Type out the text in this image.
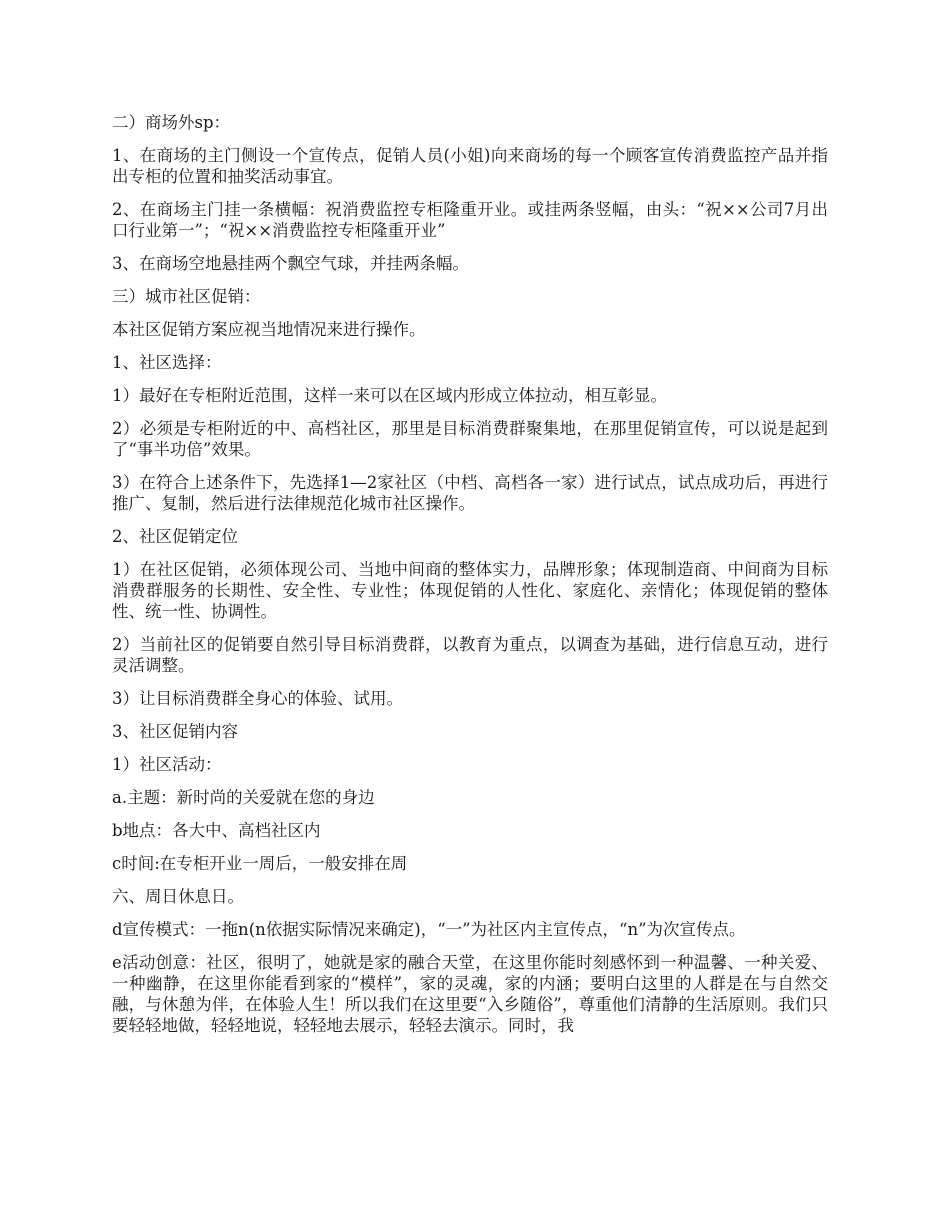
二）商场外sp：

1、在商场的主门侧设一个宣传点，促销人员(小姐)向来商场的每一个顾客宣传消费监控产品并指出专柜的位置和抽奖活动事宜。

2、在商场主门挂一条横幅：祝消费监控专柜隆重开业。或挂两条竖幅，由头：“祝××公司7月出口行业第一”；“祝××消费监控专柜隆重开业”

3、在商场空地悬挂两个飘空气球，并挂两条幅。

三）城市社区促销：

本社区促销方案应视当地情况来进行操作。

1、社区选择：

1）最好在专柜附近范围，这样一来可以在区域内形成立体拉动，相互彰显。

2）必须是专柜附近的中、高档社区，那里是目标消费群聚集地，在那里促销宣传，可以说是起到了“事半功倍”效果。

3）在符合上述条件下，先选择1—2家社区（中档、高档各一家）进行试点，试点成功后，再进行推广、复制，然后进行法律规范化城市社区操作。

2、社区促销定位

1）在社区促销，必须体现公司、当地中间商的整体实力，品牌形象；体现制造商、中间商为目标消费群服务的长期性、安全性、专业性；体现促销的人性化、家庭化、亲情化；体现促销的整体性、统一性、协调性。

2）当前社区的促销要自然引导目标消费群，以教育为重点，以调查为基础，进行信息互动，进行灵活调整。

3）让目标消费群全身心的体验、试用。

3、社区促销内容

1）社区活动：

a.主题：新时尚的关爱就在您的身边

b地点：各大中、高档社区内

c时间:在专柜开业一周后，一般安排在周

六、周日休息日。

d宣传模式：一拖n(n依据实际情况来确定)，“一”为社区内主宣传点，“n”为次宣传点。

e活动创意：社区，很明了，她就是家的融合天堂，在这里你能时刻感怀到一种温馨、一种关爱、一种幽静，在这里你能看到家的“模样”，家的灵魂，家的内涵；要明白这里的人群是在与自然交融，与休憩为伴，在体验人生！所以我们在这里要“入乡随俗”，尊重他们清静的生活原则。我们只要轻轻地做，轻轻地说，轻轻地去展示，轻轻去演示。同时，我
